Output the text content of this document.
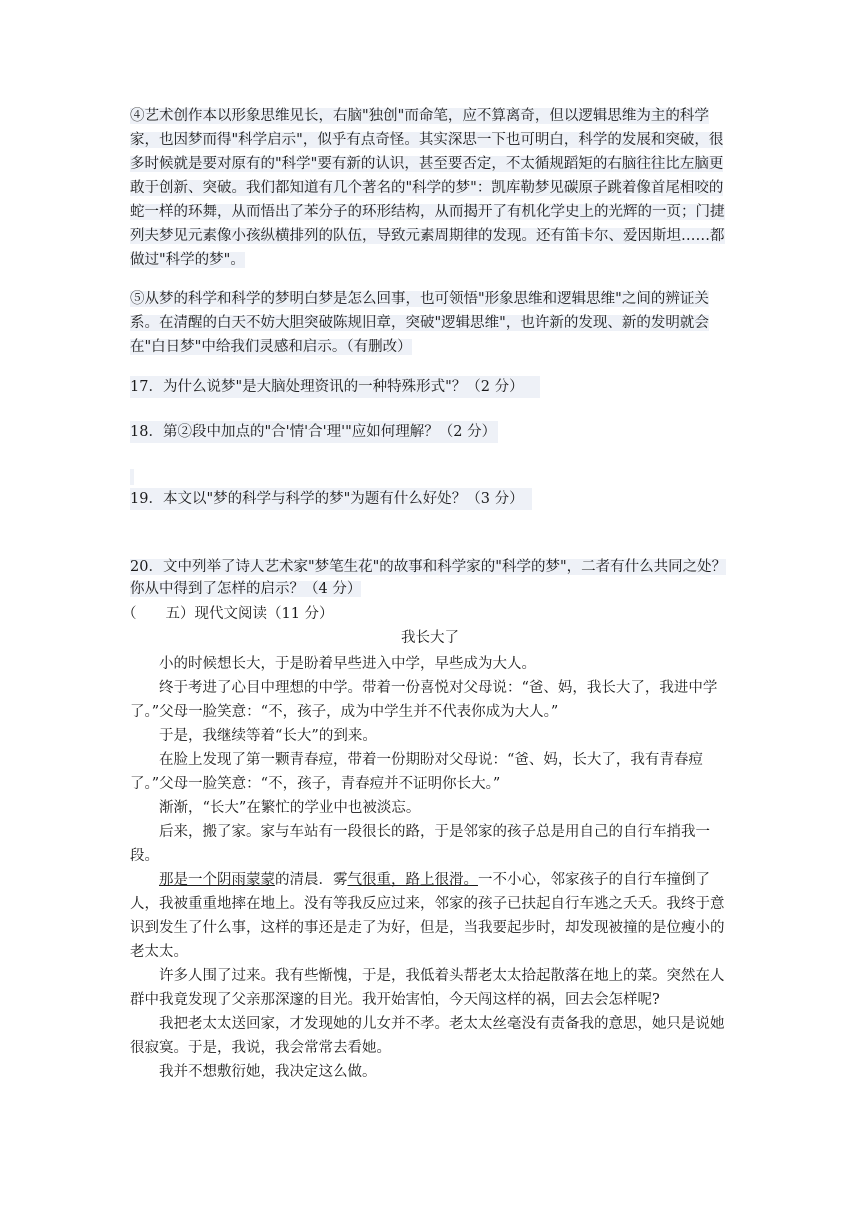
④艺术创作本以形象思维见长，右脑"独创"而命笔，应不算离奇，但以逻辑思维为主的科学家，也因梦而得"科学启示"，似乎有点奇怪。其实深思一下也可明白，科学的发展和突破，很多时候就是要对原有的"科学"要有新的认识，甚至要否定，不太循规蹈矩的右脑往往比左脑更敢于创新、突破。我们都知道有几个著名的"科学的梦"：凯库勒梦见碳原子跳着像首尾相咬的蛇一样的环舞，从而悟出了苯分子的环形结构，从而揭开了有机化学史上的光辉的一页；门捷列夫梦见元素像小孩纵横排列的队伍，导致元素周期律的发现。还有笛卡尔、爱因斯坦……都做过"科学的梦"。
⑤从梦的科学和科学的梦明白梦是怎么回事，也可领悟"形象思维和逻辑思维"之间的辨证关系。在清醒的白天不妨大胆突破陈规旧章，突破"逻辑思维"，也许新的发现、新的发明就会在"白日梦"中给我们灵感和启示。（有删改）
17．为什么说梦"是大脑处理资讯的一种特殊形式"？（2 分）
18．第②段中加点的"合'情'合'理'"应如何理解？（2 分）
19．本文以"梦的科学与科学的梦"为题有什么好处？（3 分）
20．文中列举了诗人艺术家"梦笔生花"的故事和科学家的"科学的梦"，二者有什么共同之处？你从中得到了怎样的启示？（4 分）
（　　五）现代文阅读（11 分）
我长大了

小的时候想长大，于是盼着早些进入中学，早些成为大人。

终于考进了心目中理想的中学。带着一份喜悦对父母说：“爸、妈，我长大了，我进中学了。”父母一脸笑意：“不，孩子，成为中学生并不代表你成为大人。”

于是，我继续等着“长大”的到来。

在脸上发现了第一颗青春痘，带着一份期盼对父母说：“爸、妈，长大了，我有青春痘了。”父母一脸笑意：“不，孩子，青春痘并不证明你长大。”

渐渐，“长大”在繁忙的学业中也被淡忘。

后来，搬了家。家与车站有一段很长的路，于是邻家的孩子总是用自己的自行车捎我一段。

那是一个阴雨蒙蒙的清晨．雾气很重，路上很滑。一不小心，邻家孩子的自行车撞倒了人，我被重重地摔在地上。没有等我反应过来，邻家的孩子已扶起自行车逃之夭夭。我终于意识到发生了什么事，这样的事还是走了为好，但是，当我要起步时，却发现被撞的是位瘦小的老太太。

许多人围了过来。我有些惭愧，于是，我低着头帮老太太拾起散落在地上的菜。突然在人群中我竟发现了父亲那深邃的目光。我开始害怕，今天闯这样的祸，回去会怎样呢?

我把老太太送回家，才发现她的儿女并不孝。老太太丝毫没有责备我的意思，她只是说她很寂寞。于是，我说，我会常常去看她。

我并不想敷衍她，我决定这么做。
